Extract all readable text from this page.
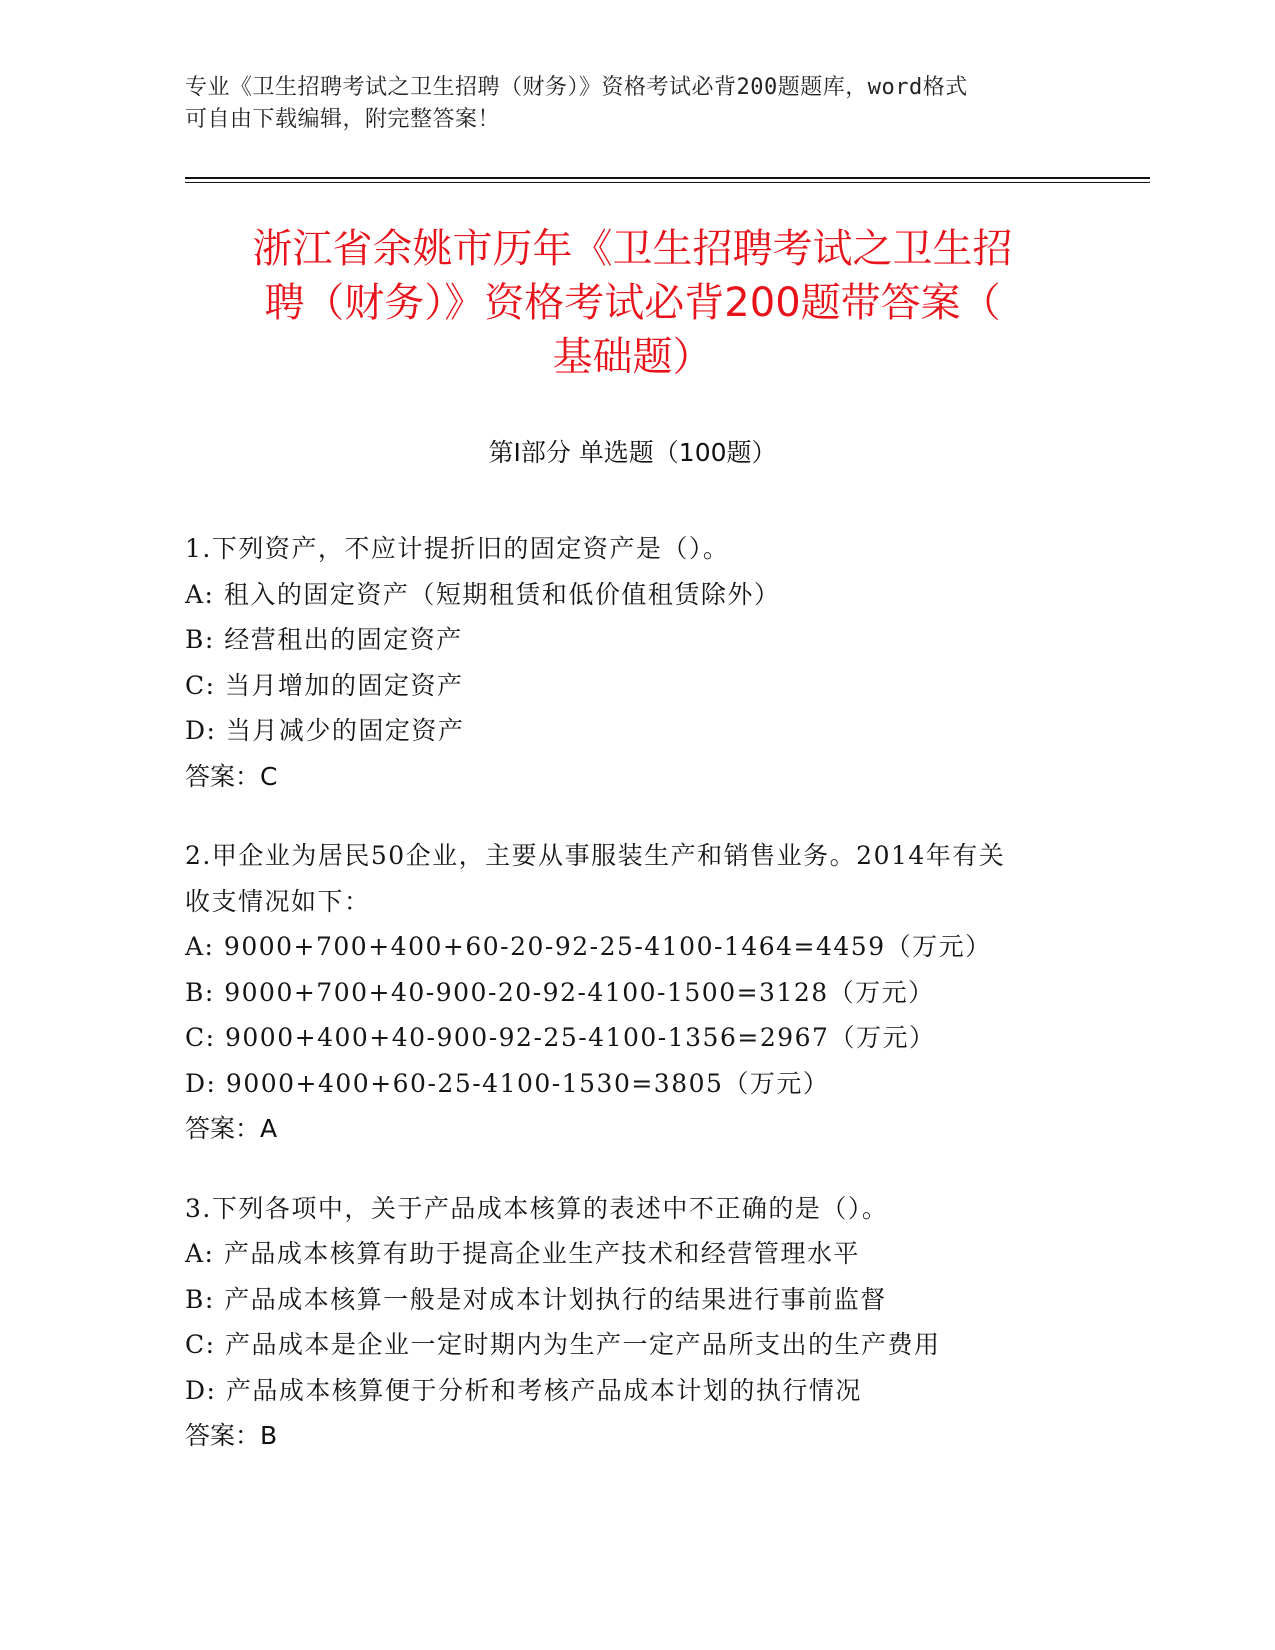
专业《卫生招聘考试之卫生招聘（财务）》资格考试必背200题题库，word格式
可自由下载编辑，附完整答案！
浙江省余姚市历年《卫生招聘考试之卫生招
聘（财务）》资格考试必背200题带答案（
基础题）
第I部分 单选题（100题）
1.下列资产，不应计提折旧的固定资产是（）。
A: 租入的固定资产（短期租赁和低价值租赁除外）
B: 经营租出的固定资产
C: 当月增加的固定资产
D: 当月减少的固定资产
答案：C
2.甲企业为居民50企业，主要从事服装生产和销售业务。2014年有关
收支情况如下：
A: 9000+700+400+60-20-92-25-4100-1464=4459（万元）
B: 9000+700+40-900-20-92-4100-1500=3128（万元）
C: 9000+400+40-900-92-25-4100-1356=2967（万元）
D: 9000+400+60-25-4100-1530=3805（万元）
答案：A
3.下列各项中，关于产品成本核算的表述中不正确的是（）。
A: 产品成本核算有助于提高企业生产技术和经营管理水平
B: 产品成本核算一般是对成本计划执行的结果进行事前监督
C: 产品成本是企业一定时期内为生产一定产品所支出的生产费用
D: 产品成本核算便于分析和考核产品成本计划的执行情况
答案：B
